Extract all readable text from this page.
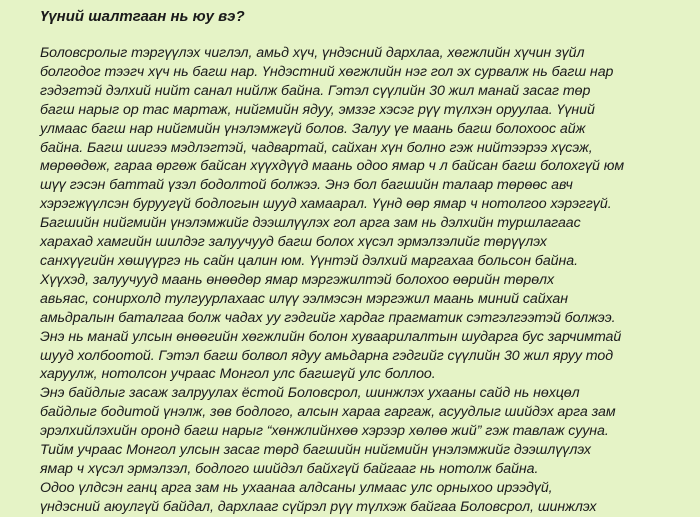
Үүний шалтгаан нь юу вэ?
Боловсролыг тэргүүлэх чиглэл, амьд хүч, үндэсний дархлаа, хөгжлийн хүчин зүйл
болгодог тээгч хүч нь багш нар. Үндэстний хөгжлийн нэг гол эх сурвалж нь багш нар
гэдэгтэй дэлхий нийт санал нийлж байна. Гэтэл сүүлийн 30 жил манай засаг төр
багш нарыг ор тас мартаж, нийгмийн ядуу, эмзэг хэсэг рүү түлхэн оруулаа. Үүний
улмаас багш нар нийгмийн үнэлэмжгүй болов. Залуу үе маань багш болохоос айж
байна. Багш шигээ мэдлэгтэй, чадвартай, сайхан хүн болно гэж нийтээрээ хүсэж,
мөрөөдөж, гараа өргөж байсан хүүхдүүд маань одоо ямар ч л байсан багш болохгүй юм
шүү гэсэн баттай үзэл бодолтой болжээ. Энэ бол багшийн талаар төрөөс авч
хэрэгжүүлсэн буруугүй бодлогын шууд хамаарал. Үүнд өөр ямар ч нотолгоо хэрэггүй.
Багшийн нийгмийн үнэлэмжийг дээшлүүлэх гол арга зам нь дэлхийн туршлагаас
харахад хамгийн шилдэг залуучууд багш болох хүсэл эрмэлзэлийг төрүүлэх
санхүүгийн хөшүүргэ нь сайн цалин юм. Үүнтэй дэлхий маргахаа больсон байна.
Хүүхэд, залуучууд маань өнөөдөр ямар мэргэжилтэй болохоо өөрийн төрөлх
авьяас, сонирхолд тулгуурлахаас илүү ээлмэсэн мэргэжил маань миний сайхан
амьдралын баталгаа болж чадах уу гэдгийг хардаг прагматик сэтгэлгээтэй болжээ.
Энэ нь манай улсын өнөөгийн хөгжлийн болон хуваарилалтын шударга бус зарчимтай
шууд холбоотой. Гэтэл багш болвол ядуу амьдарна гэдгийг сүүлийн 30 жил яруу тод
харуулж, нотолсон учраас Монгол улс багшгүй улс боллоо.
Энэ байдлыг засаж залруулах ёстой Боловсрол, шинжлэх ухааны сайд нь нөхцөл
байдлыг бодитой үнэлж, зөв бодлого, алсын хараа гаргаж, асуудлыг шийдэх арга зам
эрэлхийлэхийн оронд багш нарыг “хөнжлийнхөө хэрээр хөлөө жий” гэж тавлаж сууна.
Тийм учраас Монгол улсын засаг төрд багшийн нийгмийн үнэлэмжийг дээшлүүлэх
ямар ч хүсэл эрмэлзэл, бодлого шийдэл байхгүй байгааг нь нотолж байна.
Одоо үлдсэн ганц арга зам нь ухаанаа алдсаны улмаас улс орныхоо ирээдүй,
үндэсний аюулгүй байдал, дархлааг сүйрэл рүү түлхэж байгаа Боловсрол, шинжлэх
